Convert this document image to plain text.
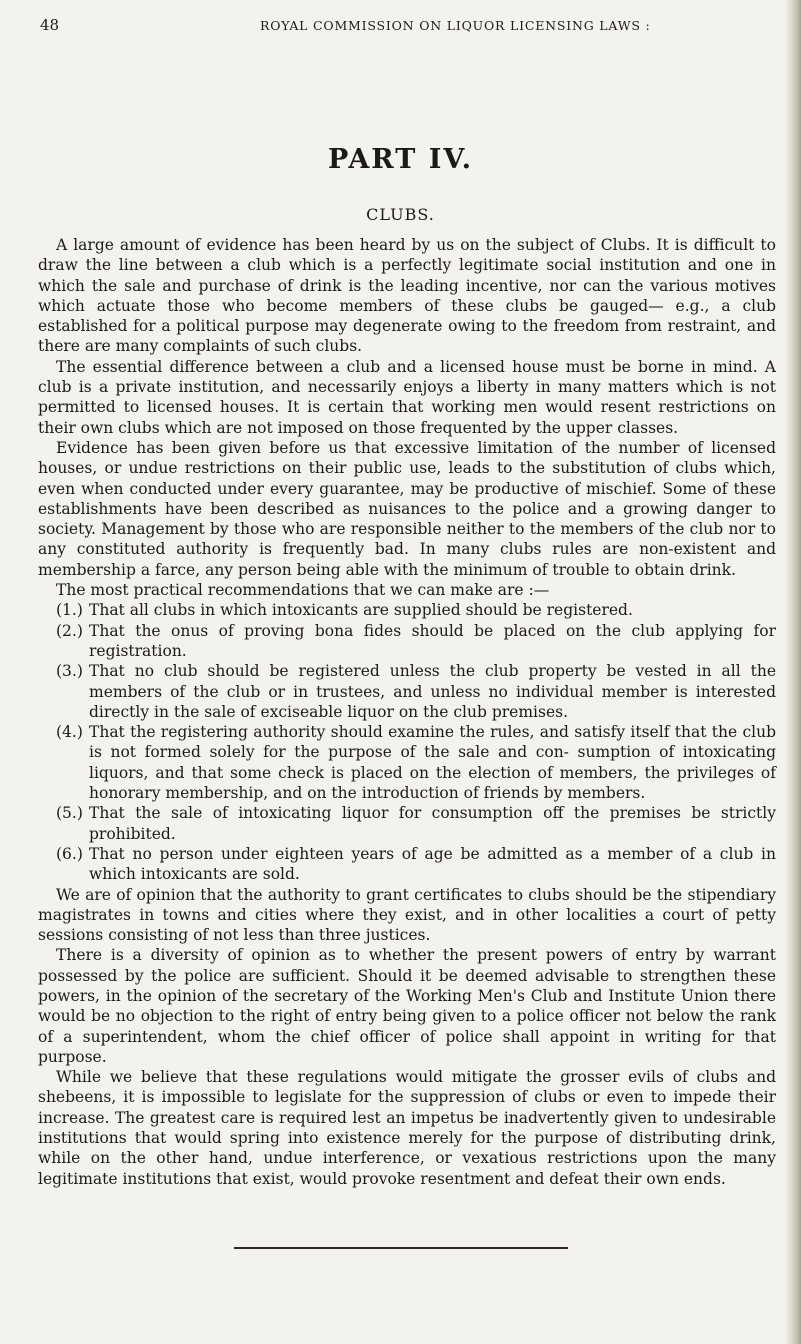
48	ROYAL COMMISSION ON LIQUOR LICENSING LAWS :
PART IV.
CLUBS.

A large amount of evidence has been heard by us on the subject of Clubs. It is difficult to draw the line between a club which is a perfectly legitimate social institution and one in which the sale and purchase of drink is the leading incentive, nor can the various motives which actuate those who become members of these clubs be gauged— e.g., a club established for a political purpose may degenerate owing to the freedom from restraint, and there are many complaints of such clubs.

The essential difference between a club and a licensed house must be borne in mind. A club is a private institution, and necessarily enjoys a liberty in many matters which is not permitted to licensed houses. It is certain that working men would resent restrictions on their own clubs which are not imposed on those frequented by the upper classes.

Evidence has been given before us that excessive limitation of the number of licensed houses, or undue restrictions on their public use, leads to the substitution of clubs which, even when conducted under every guarantee, may be productive of mischief. Some of these establishments have been described as nuisances to the police and a growing danger to society. Management by those who are responsible neither to the members of the club nor to any constituted authority is frequently bad. In many clubs rules are non-existent and membership a farce, any person being able with the minimum of trouble to obtain drink.

The most practical recommendations that we can make are :—

(1.) That all clubs in which intoxicants are supplied should be registered.
(2.) That the onus of proving bona fides should be placed on the club applying for registration.
(3.) That no club should be registered unless the club property be vested in all the members of the club or in trustees, and unless no individual member is interested directly in the sale of exciseable liquor on the club premises.
(4.) That the registering authority should examine the rules, and satisfy itself that the club is not formed solely for the purpose of the sale and con- sumption of intoxicating liquors, and that some check is placed on the election of members, the privileges of honorary membership, and on the introduction of friends by members.
(5.) That the sale of intoxicating liquor for consumption off the premises be strictly prohibited.
(6.) That no person under eighteen years of age be admitted as a member of a club in which intoxicants are sold.

We are of opinion that the authority to grant certificates to clubs should be the stipendiary magistrates in towns and cities where they exist, and in other localities a court of petty sessions consisting of not less than three justices.

There is a diversity of opinion as to whether the present powers of entry by warrant possessed by the police are sufficient. Should it be deemed advisable to strengthen these powers, in the opinion of the secretary of the Working Men's Club and Institute Union there would be no objection to the right of entry being given to a police officer not below the rank of a superintendent, whom the chief officer of police shall appoint in writing for that purpose.

While we believe that these regulations would mitigate the grosser evils of clubs and shebeens, it is impossible to legislate for the suppression of clubs or even to impede their increase. The greatest care is required lest an impetus be inadvertently given to undesirable institutions that would spring into existence merely for the purpose of distributing drink, while on the other hand, undue interference, or vexatious restrictions upon the many legitimate institutions that exist, would provoke resentment and defeat their own ends.
